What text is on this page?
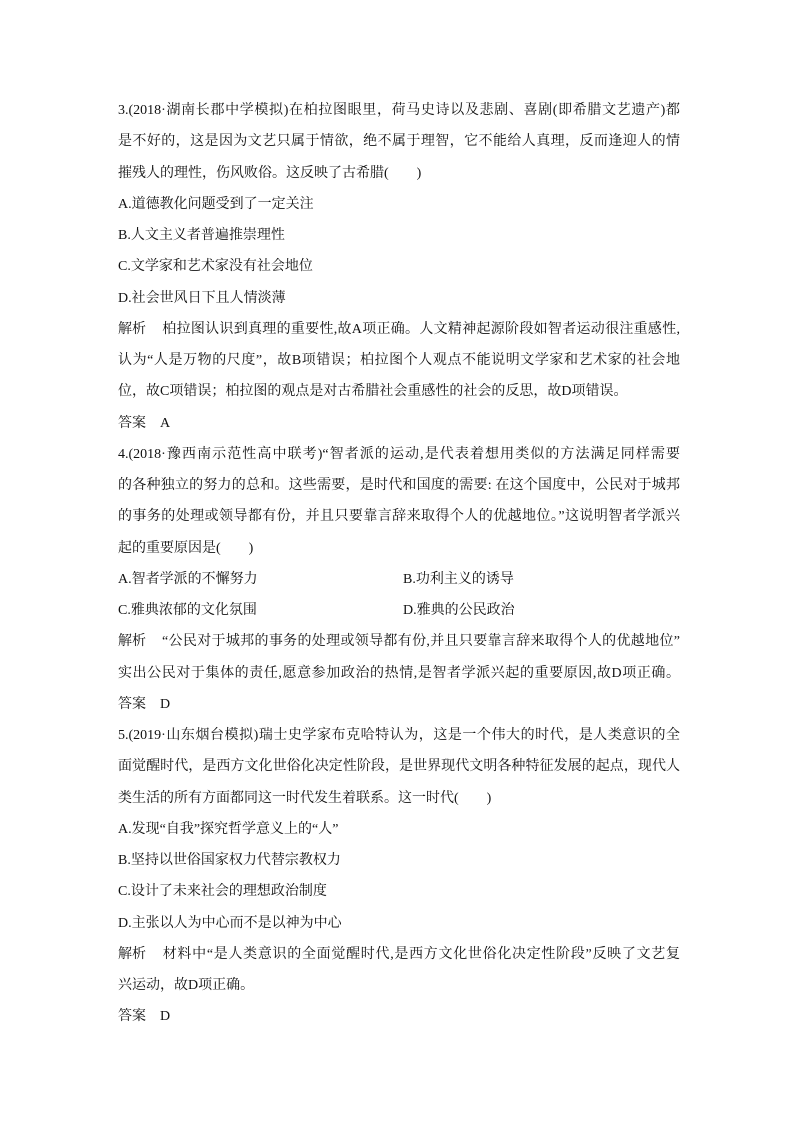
3.(2018·湖南长郡中学模拟)在柏拉图眼里，荷马史诗以及悲剧、喜剧(即希腊文艺遗产)都
是不好的，这是因为文艺只属于情欲，绝不属于理智，它不能给人真理，反而逢迎人的情
摧残人的理性，伤风败俗。这反映了古希腊(　　)
A.道德教化问题受到了一定关注
B.人文主义者普遍推崇理性
C.文学家和艺术家没有社会地位
D.社会世风日下且人情淡薄
解析 柏拉图认识到真理的重要性,故A项正确。人文精神起源阶段如智者运动很注重感性,
认为“人是万物的尺度”，故B项错误；柏拉图个人观点不能说明文学家和艺术家的社会地
位，故C项错误；柏拉图的观点是对古希腊社会重感性的社会的反思，故D项错误。
答案 A
4.(2018·豫西南示范性高中联考)“智者派的运动,是代表着想用类似的方法满足同样需要
的各种独立的努力的总和。这些需要，是时代和国度的需要: 在这个国度中，公民对于城邦
的事务的处理或领导都有份，并且只要靠言辞来取得个人的优越地位。”这说明智者学派兴
起的重要原因是(　　)
A.智者学派的不懈努力	B.功利主义的诱导
C.雅典浓郁的文化氛围	D.雅典的公民政治
解析 “公民对于城邦的事务的处理或领导都有份,并且只要靠言辞来取得个人的优越地位”
实出公民对于集体的责任,愿意参加政治的热情,是智者学派兴起的重要原因,故D项正确。
答案 D
5.(2019·山东烟台模拟)瑞士史学家布克哈特认为，这是一个伟大的时代，是人类意识的全
面觉醒时代，是西方文化世俗化决定性阶段，是世界现代文明各种特征发展的起点，现代人
类生活的所有方面都同这一时代发生着联系。这一时代(　　)
A.发现“自我”探究哲学意义上的“人”
B.坚持以世俗国家权力代替宗教权力
C.设计了未来社会的理想政治制度
D.主张以人为中心而不是以神为中心
解析 材料中“是人类意识的全面觉醒时代,是西方文化世俗化决定性阶段”反映了文艺复
兴运动，故D项正确。
答案 D
